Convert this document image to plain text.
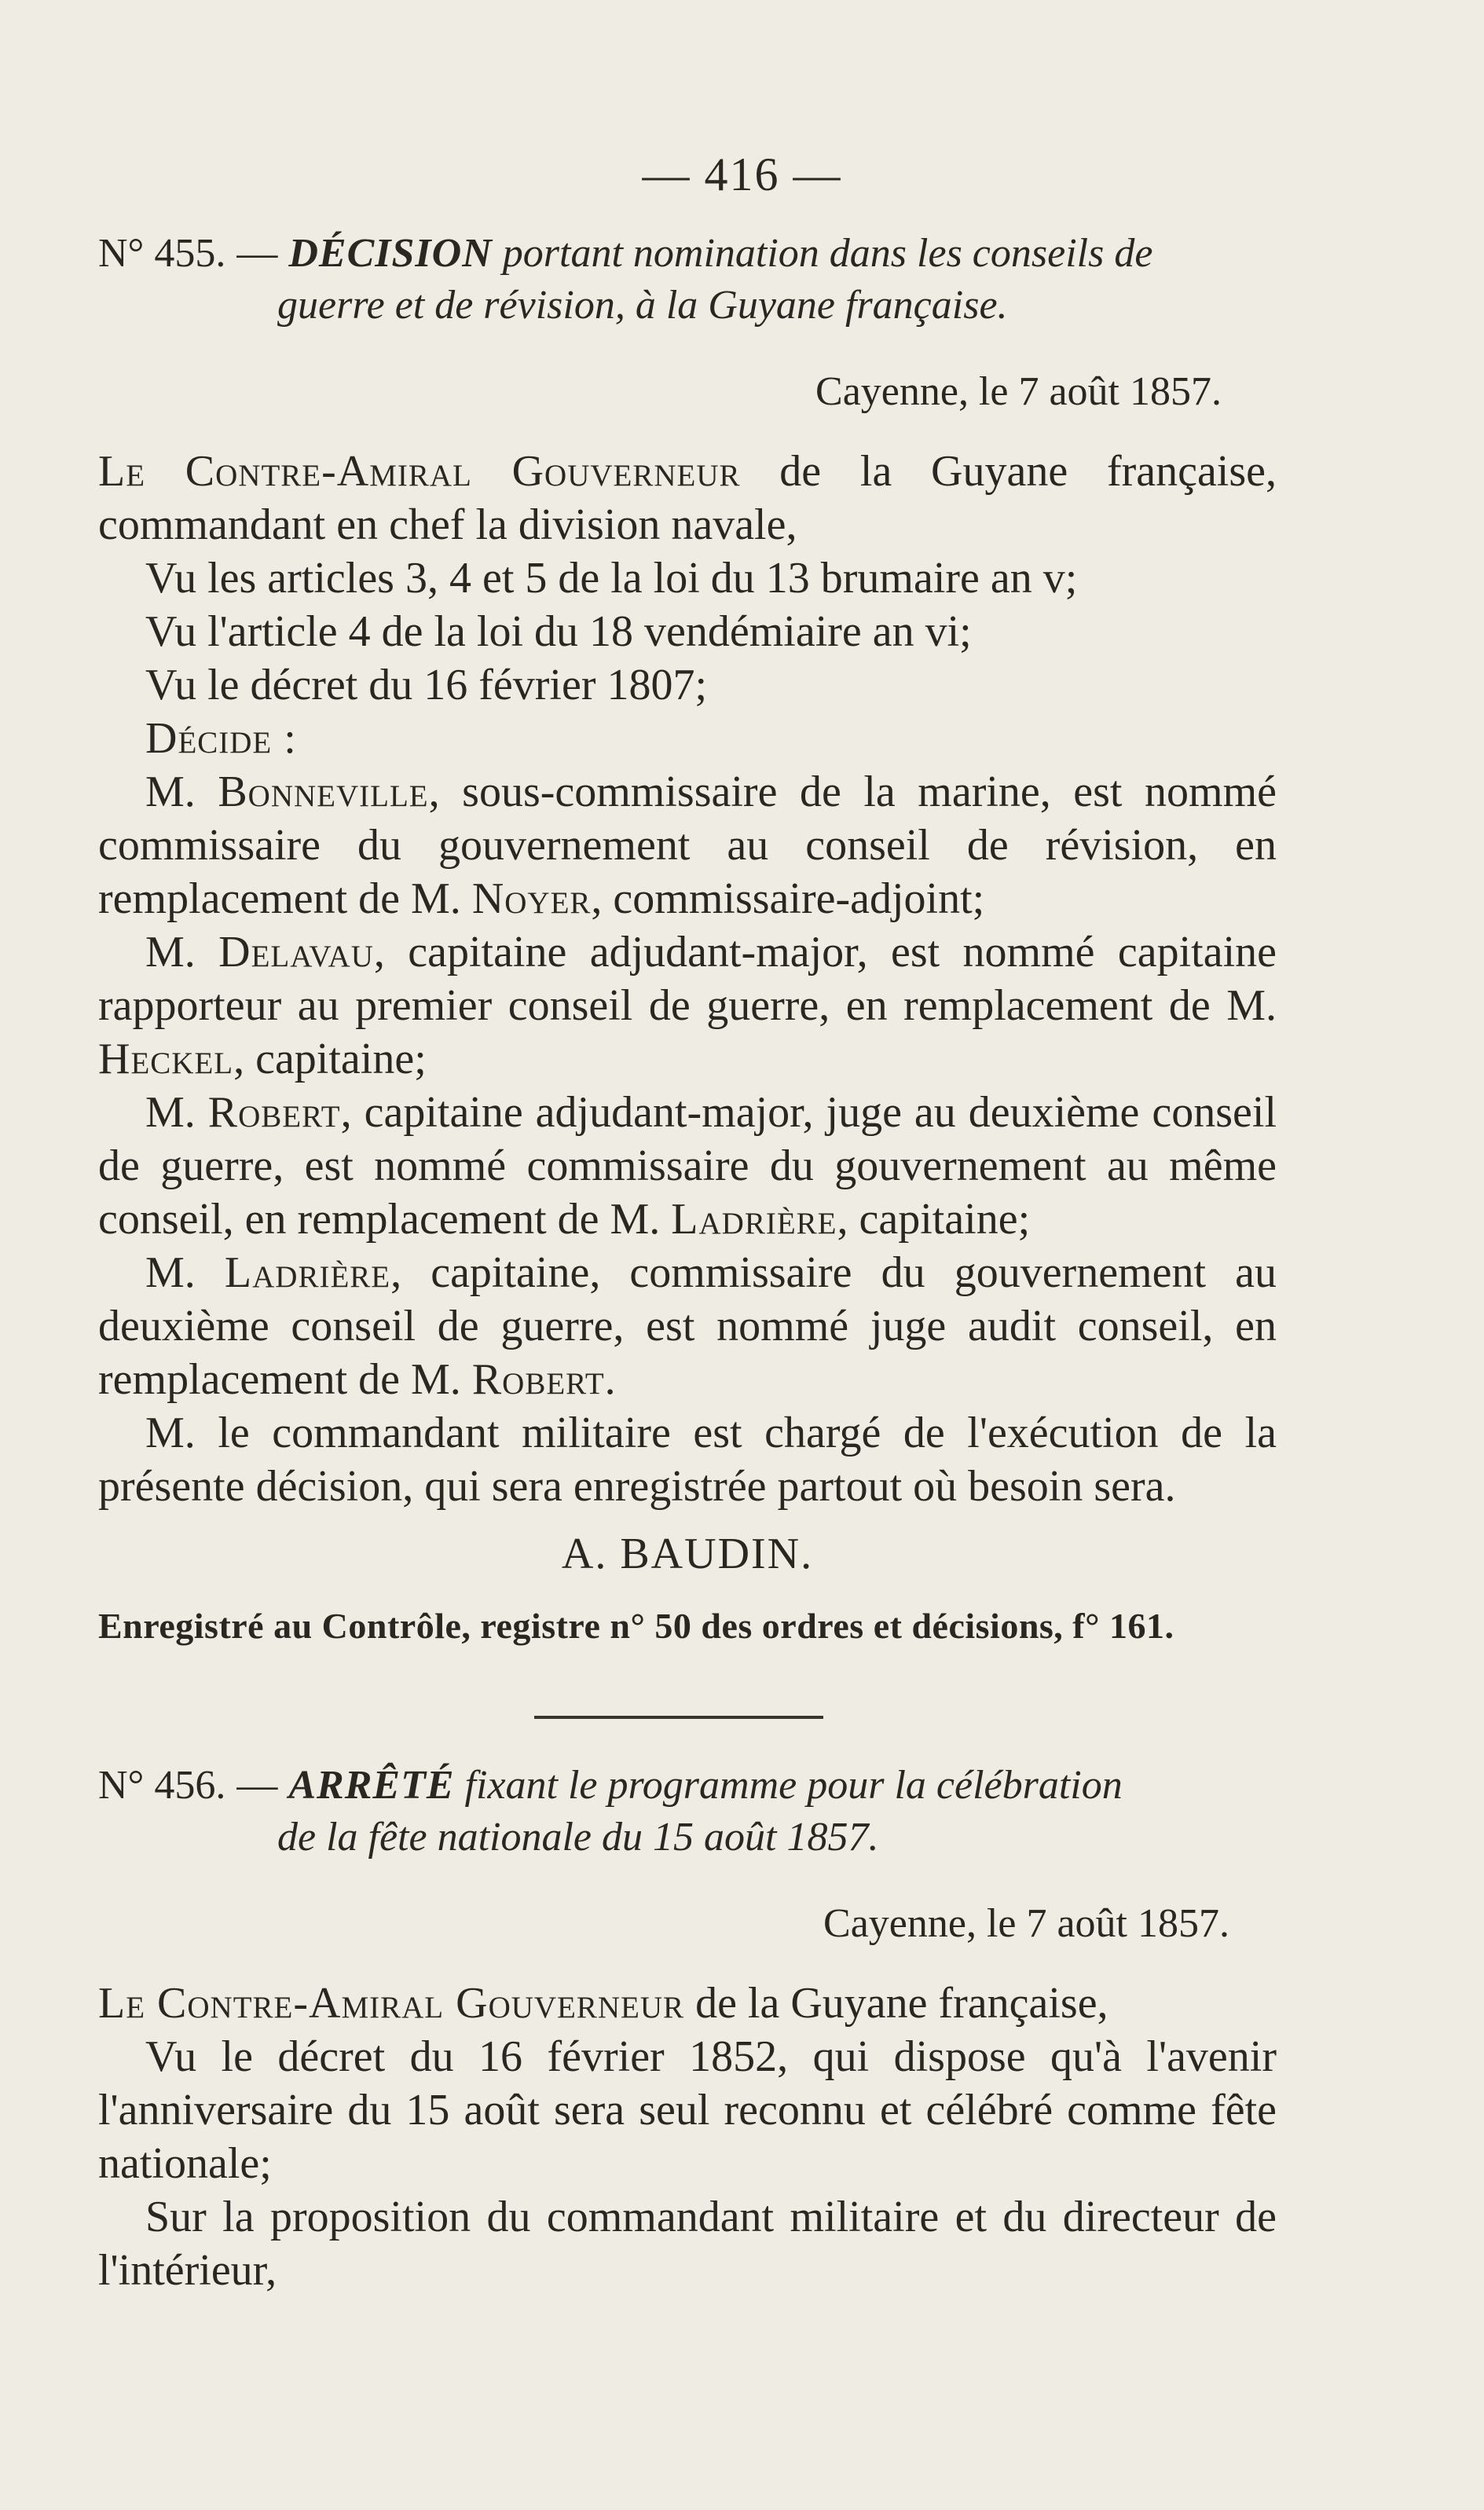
— 416 —
N° 455. — DÉCISION portant nomination dans les conseils de
guerre et de révision, à la Guyane française.
Cayenne, le 7 août 1857.

Le Contre-Amiral Gouverneur de la Guyane française, commandant en chef la division navale,

Vu les articles 3, 4 et 5 de la loi du 13 brumaire an v;

Vu l'article 4 de la loi du 18 vendémiaire an vi;

Vu le décret du 16 février 1807;

Décide :

M. Bonneville, sous-commissaire de la marine, est nommé commissaire du gouvernement au conseil de révision, en remplacement de M. Noyer, commissaire-adjoint;

M. Delavau, capitaine adjudant-major, est nommé capitaine rapporteur au premier conseil de guerre, en remplacement de M. Heckel, capitaine;

M. Robert, capitaine adjudant-major, juge au deuxième conseil de guerre, est nommé commissaire du gouvernement au même conseil, en remplacement de M. Ladrière, capitaine;

M. Ladrière, capitaine, commissaire du gouvernement au deuxième conseil de guerre, est nommé juge audit conseil, en remplacement de M. Robert.

M. le commandant militaire est chargé de l'exécution de la présente décision, qui sera enregistrée partout où besoin sera.

A. BAUDIN.
Enregistré au Contrôle, registre n° 50 des ordres et décisions, f° 161.
N° 456. — ARRÊTÉ fixant le programme pour la célébration
de la fête nationale du 15 août 1857.
Cayenne, le 7 août 1857.

Le Contre-Amiral Gouverneur de la Guyane française,

Vu le décret du 16 février 1852, qui dispose qu'à l'avenir l'anniversaire du 15 août sera seul reconnu et célébré comme fête nationale;

Sur la proposition du commandant militaire et du directeur de l'intérieur,
